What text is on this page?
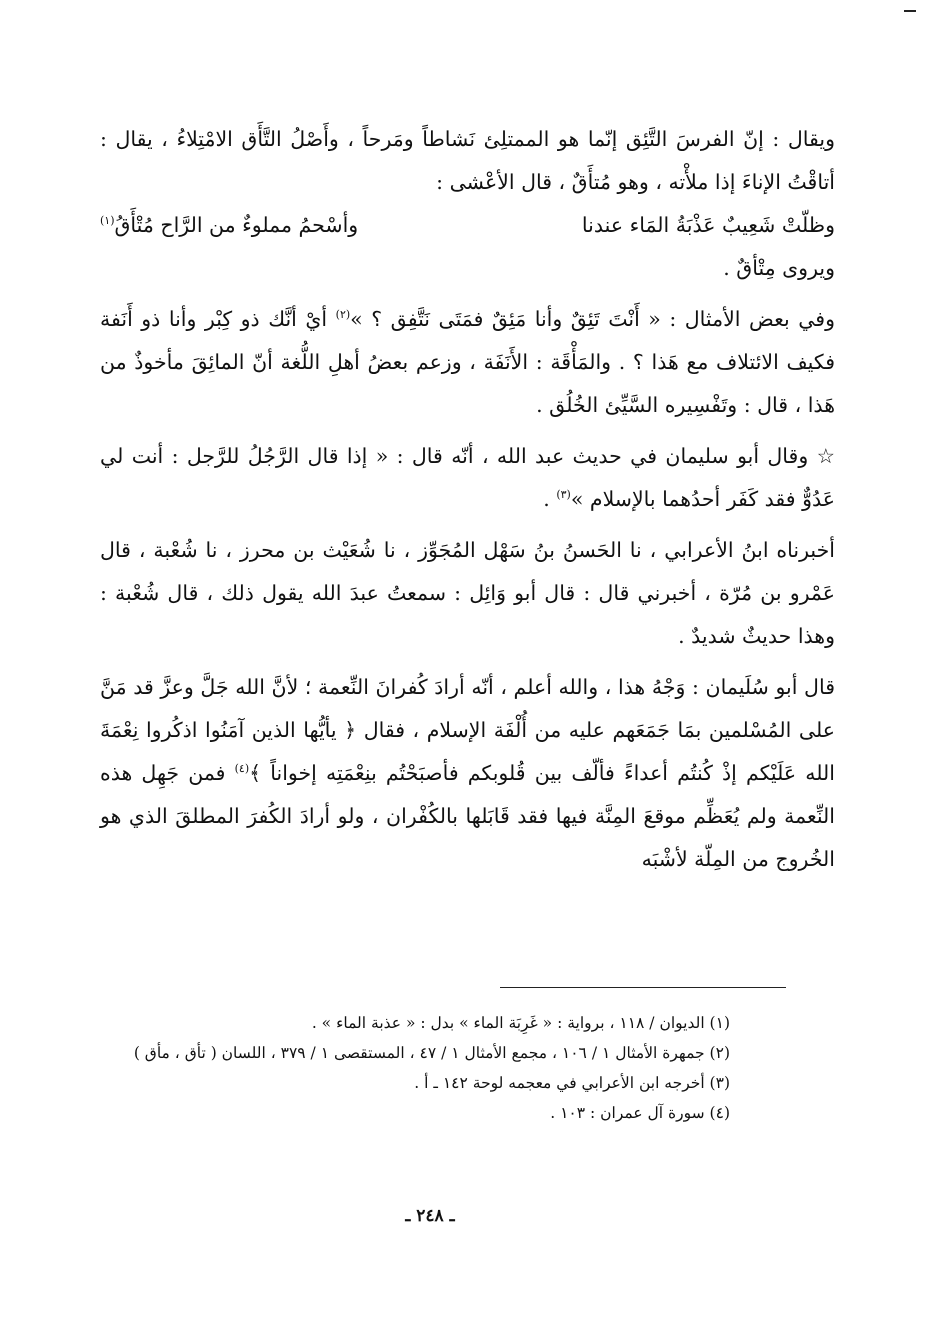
ويقال : إنّ الفرسَ التَّئِق إنّما هو الممتلِئ نَشاطاً ومَرحاً ، وأَصْلُ التَّأَق الامْتِلاءُ ، يقال : أتاقْتُ الإناءَ إذا ملأْته ، وهو مُتأَقٌ ، قال الأعْشى :

وظلّتْ شَعِيبٌ عَذْبَةُ المَاء عندنا
وأسْحمُ مملوءٌ من الرَّاح مُتْأَقُ$^{(١)}$

ويروى مِتْأقٌ .

وفي بعض الأمثال : « أَنْتَ تَئِقٌ وأنا مَئِقٌ فمَتَى نَتَّفِق ؟ »$^{(٢)}$ أيْ أنَّك ذو كِبْر وأنا ذو أَنَفة فكيف الائتلاف مع هَذا ؟ . والمَأْقَة : الأَنَفَة ، وزعم بعضُ أهلِ اللُّغة أنّ المائِقَ مأخوذٌ من هَذا ، قال : وتَفْسِيره السَّيِّئ الخُلُق .

☆ وقال أبو سليمان في حديث عبد الله ، أنّه قال : « إذا قال الرَّجُلُ للرَّجل : أنت لي عَدُوٌّ فقد كَفَر أحدُهما بالإسلام »$^{(٣)}$ .

أخبرناه ابنُ الأعرابي ، نا الحَسنُ بنُ سَهْل المُجَوِّز ، نا شُعَيْث بن محرز ، نا شُعْبة ، قال عَمْرو بن مُرّة ، أخبرني قال : قال أبو وَائِل : سمعتُ عبدَ الله يقول ذلك ، قال شُعْبة : وهذا حديثٌ شديدٌ .

قال أبو سُلَيمان : وَجْهُ هذا ، والله أعلم ، أنّه أرادَ كُفرانَ النِّعمة ؛ لأنَّ الله جَلَّ وعزَّ قد مَنَّ على المُسْلمين بمَا جَمَعَهم عليه من أُلْفَة الإسلام ، فقال ﴿ يأيُّها الذين آمَنُوا اذكُروا نِعْمَةَ الله عَلَيْكم إذْ كُنتُم أعداءً فألّف بين قُلوبكم فأصبَحْتُم بنِعْمَتِه إخواناً ﴾$^{(٤)}$ فمن جَهِل هذه النِّعمة ولم يُعَظِّم موقعَ المِنَّة فيها فقد قَابَلها بالكُفْران ، ولو أرادَ الكُفرَ المطلقَ الذي هو الخُروج من المِلّة لأشْبَه

(١) الديوان / ١١٨ ، برواية : « غَرِبَة الماء » بدل : « عذبة الماء » .

(٢) جمهرة الأمثال ١ / ١٠٦ ، مجمع الأمثال ١ / ٤٧ ، المستقصى ١ / ٣٧٩ ، اللسان ( تأق ، مأق )

(٣) أخرجه ابن الأعرابي في معجمه لوحة ١٤٢ ـ أ .

(٤) سورة آل عمران : ١٠٣ .

ـ ٢٤٨ ـ
